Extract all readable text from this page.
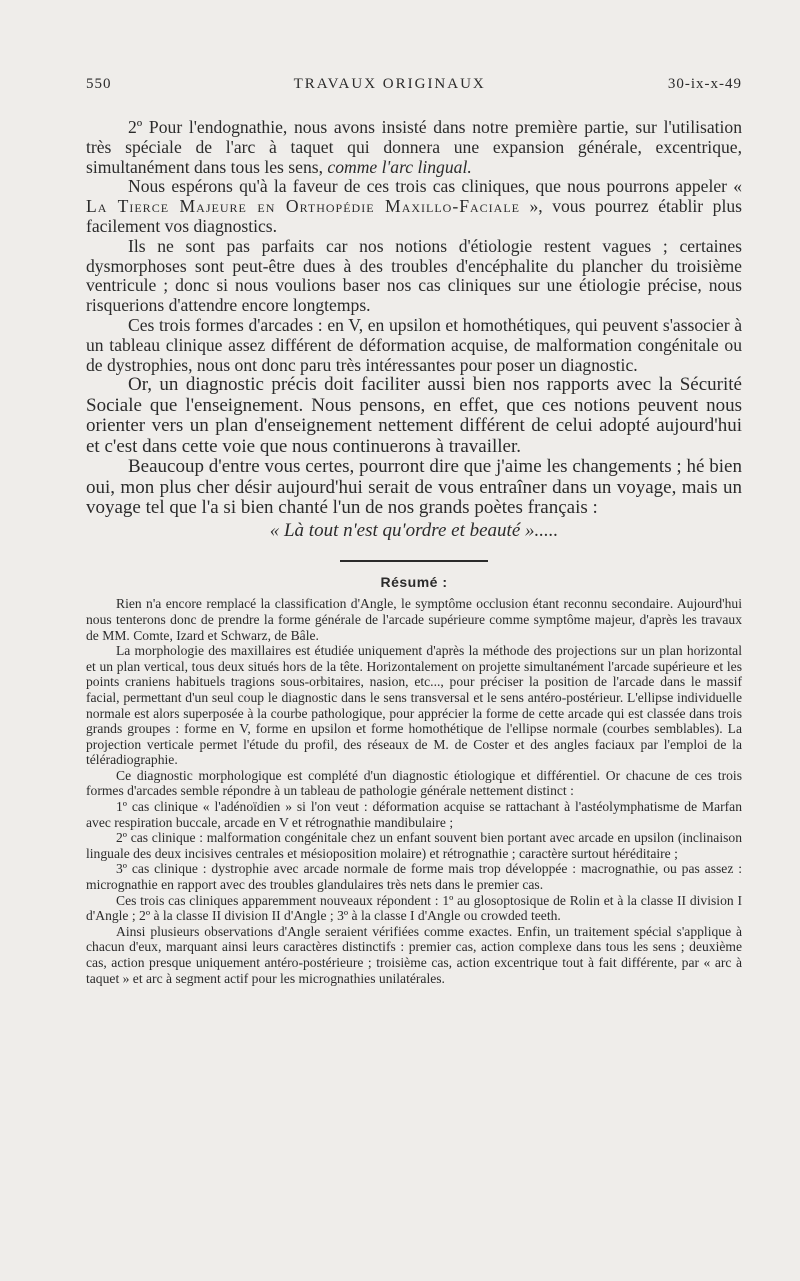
550	TRAVAUX ORIGINAUX	30-ix-x-49

2º Pour l'endognathie, nous avons insisté dans notre première partie, sur l'utilisation très spéciale de l'arc à taquet qui donnera une expansion générale, excentrique, simultanément dans tous les sens, comme l'arc lingual.

Nous espérons qu'à la faveur de ces trois cas cliniques, que nous pourrons appeler « La Tierce Majeure en Orthopédie Maxillo-Faciale », vous pourrez établir plus facilement vos diagnostics.

Ils ne sont pas parfaits car nos notions d'étiologie restent vagues ; certaines dysmorphoses sont peut-être dues à des troubles d'encéphalite du plancher du troisième ventricule ; donc si nous voulions baser nos cas cliniques sur une étiologie précise, nous risquerions d'attendre encore longtemps.

Ces trois formes d'arcades : en V, en upsilon et homothétiques, qui peuvent s'associer à un tableau clinique assez différent de déformation acquise, de malformation congénitale ou de dystrophies, nous ont donc paru très intéressantes pour poser un diagnostic.

Or, un diagnostic précis doit faciliter aussi bien nos rapports avec la Sécurité Sociale que l'enseignement. Nous pensons, en effet, que ces notions peuvent nous orienter vers un plan d'enseignement nettement différent de celui adopté aujourd'hui et c'est dans cette voie que nous continuerons à travailler.

Beaucoup d'entre vous certes, pourront dire que j'aime les changements ; hé bien oui, mon plus cher désir aujourd'hui serait de vous entraîner dans un voyage, mais un voyage tel que l'a si bien chanté l'un de nos grands poètes français :

« Là tout n'est qu'ordre et beauté ».....
Résumé :

Rien n'a encore remplacé la classification d'Angle, le symptôme occlusion étant reconnu secondaire. Aujourd'hui nous tenterons donc de prendre la forme générale de l'arcade supérieure comme symptôme majeur, d'après les travaux de MM. Comte, Izard et Schwarz, de Bâle.

La morphologie des maxillaires est étudiée uniquement d'après la méthode des projections sur un plan horizontal et un plan vertical, tous deux situés hors de la tête. Horizontalement on projette simultanément l'arcade supérieure et les points craniens habituels tragions sous-orbitaires, nasion, etc..., pour préciser la position de l'arcade dans le massif facial, permettant d'un seul coup le diagnostic dans le sens transversal et le sens antéro-postérieur. L'ellipse individuelle normale est alors superposée à la courbe pathologique, pour apprécier la forme de cette arcade qui est classée dans trois grands groupes : forme en V, forme en upsilon et forme homothétique de l'ellipse normale (courbes semblables). La projection verticale permet l'étude du profil, des réseaux de M. de Coster et des angles faciaux par l'emploi de la téléradiographie.

Ce diagnostic morphologique est complété d'un diagnostic étiologique et différentiel. Or chacune de ces trois formes d'arcades semble répondre à un tableau de pathologie générale nettement distinct :

1º cas clinique « l'adénoïdien » si l'on veut : déformation acquise se rattachant à l'astéolymphatisme de Marfan avec respiration buccale, arcade en V et rétrognathie mandibulaire ;

2º cas clinique : malformation congénitale chez un enfant souvent bien portant avec arcade en upsilon (inclinaison linguale des deux incisives centrales et mésioposition molaire) et rétrognathie ; caractère surtout héréditaire ;

3º cas clinique : dystrophie avec arcade normale de forme mais trop développée : macrognathie, ou pas assez : micrognathie en rapport avec des troubles glandulaires très nets dans le premier cas.

Ces trois cas cliniques apparemment nouveaux répondent : 1º au glosoptosique de Rolin et à la classe II division I d'Angle ; 2º à la classe II division II d'Angle ; 3º à la classe I d'Angle ou crowded teeth.

Ainsi plusieurs observations d'Angle seraient vérifiées comme exactes. Enfin, un traitement spécial s'applique à chacun d'eux, marquant ainsi leurs caractères distinctifs : premier cas, action complexe dans tous les sens ; deuxième cas, action presque uniquement antéro-postérieure ; troisième cas, action excentrique tout à fait différente, par « arc à taquet » et arc à segment actif pour les micrognathies unilatérales.
